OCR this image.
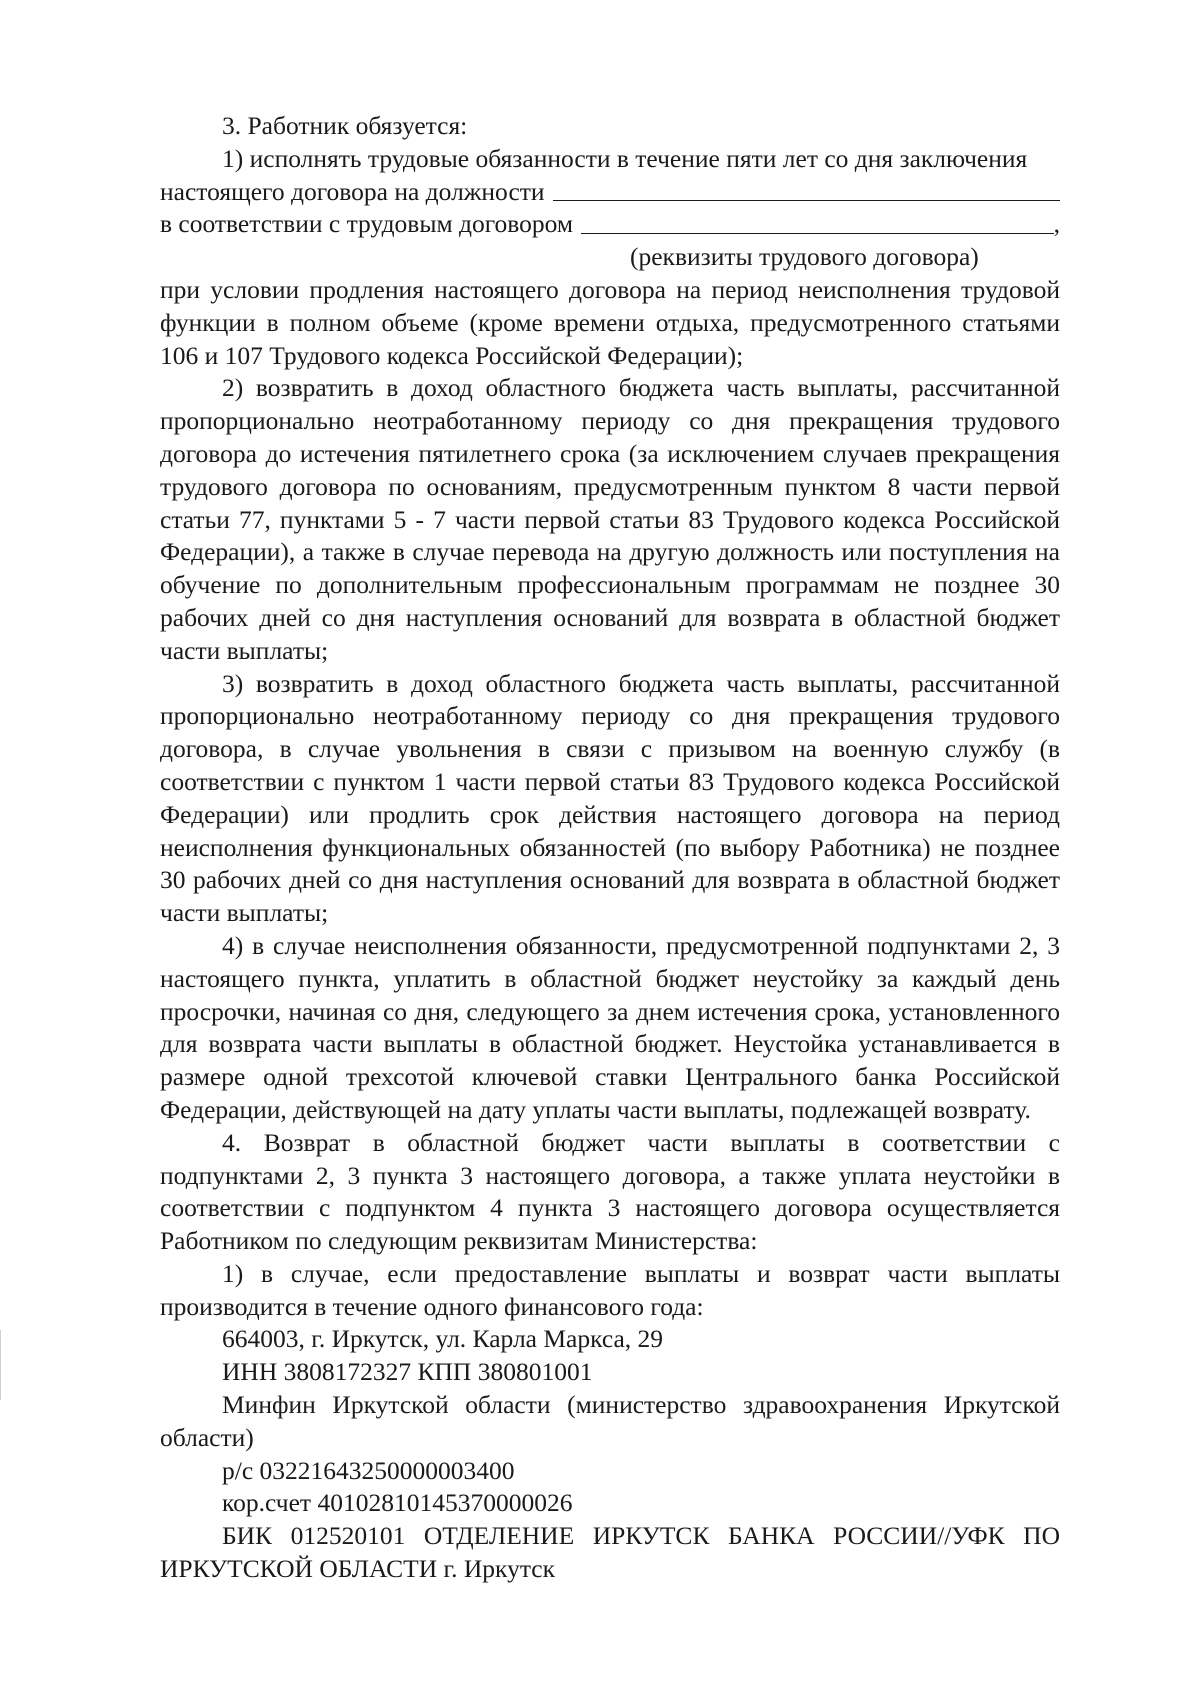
3. Работник обязуется:

1) исполнять трудовые обязанности в течение пяти лет со дня заключения

настоящего договора на должности
в соответствии с трудовым договором	,

(реквизиты трудового договора)

при условии продления настоящего договора на период неисполнения трудовой функции в полном объеме (кроме времени отдыха, предусмотренного статьями 106 и 107 Трудового кодекса Российской Федерации);

2) возвратить в доход областного бюджета часть выплаты, рассчитанной пропорционально неотработанному периоду со дня прекращения трудового договора до истечения пятилетнего срока (за исключением случаев прекращения трудового договора по основаниям, предусмотренным пунктом 8 части первой статьи 77, пунктами 5 - 7 части первой статьи 83 Трудового кодекса Российской Федерации), а также в случае перевода на другую должность или поступления на обучение по дополнительным профессиональным программам не позднее 30 рабочих дней со дня наступления оснований для возврата в областной бюджет части выплаты;

3) возвратить в доход областного бюджета часть выплаты, рассчитанной пропорционально неотработанному периоду со дня прекращения трудового договора, в случае увольнения в связи с призывом на военную службу (в соответствии с пунктом 1 части первой статьи 83 Трудового кодекса Российской Федерации) или продлить срок действия настоящего договора на период неисполнения функциональных обязанностей (по выбору Работника) не позднее 30 рабочих дней со дня наступления оснований для возврата в областной бюджет части выплаты;

4) в случае неисполнения обязанности, предусмотренной подпунктами 2, 3 настоящего пункта, уплатить в областной бюджет неустойку за каждый день просрочки, начиная со дня, следующего за днем истечения срока, установленного для возврата части выплаты в областной бюджет. Неустойка устанавливается в размере одной трехсотой ключевой ставки Центрального банка Российской Федерации, действующей на дату уплаты части выплаты, подлежащей возврату.

4. Возврат в областной бюджет части выплаты в соответствии с подпунктами 2, 3 пункта 3 настоящего договора, а также уплата неустойки в соответствии с подпунктом 4 пункта 3 настоящего договора осуществляется Работником по следующим реквизитам Министерства:

1) в случае, если предоставление выплаты и возврат части выплаты производится в течение одного финансового года:

664003, г. Иркутск, ул. Карла Маркса, 29

ИНН 3808172327 КПП 380801001

Минфин Иркутской области (министерство здравоохранения Иркутской области)

р/с 03221643250000003400

кор.счет 40102810145370000026

БИК 012520101 ОТДЕЛЕНИЕ ИРКУТСК БАНКА РОССИИ//УФК ПО ИРКУТСКОЙ ОБЛАСТИ г. Иркутск
